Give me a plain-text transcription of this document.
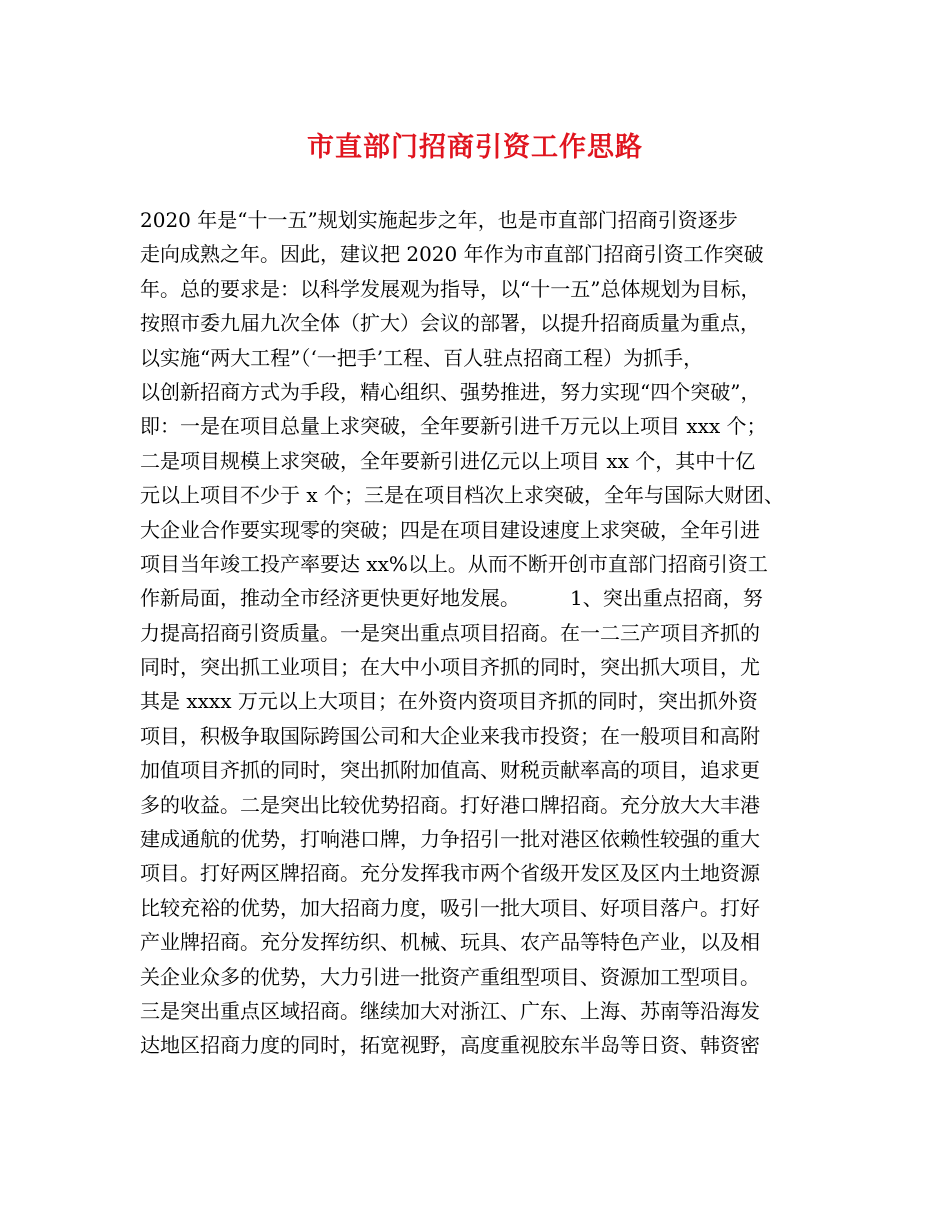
市直部门招商引资工作思路
2020 年是“十一五”规划实施起步之年，也是市直部门招商引资逐步
走向成熟之年。因此，建议把 2020 年作为市直部门招商引资工作突破
年。总的要求是：以科学发展观为指导，以“十一五”总体规划为目标，
按照市委九届九次全体（扩大）会议的部署，以提升招商质量为重点，
以实施“两大工程”（‘一把手’工程、百人驻点招商工程）为抓手，
以创新招商方式为手段，精心组织、强势推进，努力实现“四个突破”，
即：一是在项目总量上求突破，全年要新引进千万元以上项目 xxx 个；
二是项目规模上求突破，全年要新引进亿元以上项目 xx 个，其中十亿
元以上项目不少于 x 个；三是在项目档次上求突破，全年与国际大财团、
大企业合作要实现零的突破；四是在项目建设速度上求突破，全年引进
项目当年竣工投产率要达 xx%以上。从而不断开创市直部门招商引资工
作新局面，推动全市经济更快更好地发展。　　　1、突出重点招商，努
力提高招商引资质量。一是突出重点项目招商。在一二三产项目齐抓的
同时，突出抓工业项目；在大中小项目齐抓的同时，突出抓大项目，尤
其是 xxxx 万元以上大项目；在外资内资项目齐抓的同时，突出抓外资
项目，积极争取国际跨国公司和大企业来我市投资；在一般项目和高附
加值项目齐抓的同时，突出抓附加值高、财税贡献率高的项目，追求更
多的收益。二是突出比较优势招商。打好港口牌招商。充分放大大丰港
建成通航的优势，打响港口牌，力争招引一批对港区依赖性较强的重大
项目。打好两区牌招商。充分发挥我市两个省级开发区及区内土地资源
比较充裕的优势，加大招商力度，吸引一批大项目、好项目落户。打好
产业牌招商。充分发挥纺织、机械、玩具、农产品等特色产业，以及相
关企业众多的优势，大力引进一批资产重组型项目、资源加工型项目。
三是突出重点区域招商。继续加大对浙江、广东、上海、苏南等沿海发
达地区招商力度的同时，拓宽视野，高度重视胶东半岛等日资、韩资密
